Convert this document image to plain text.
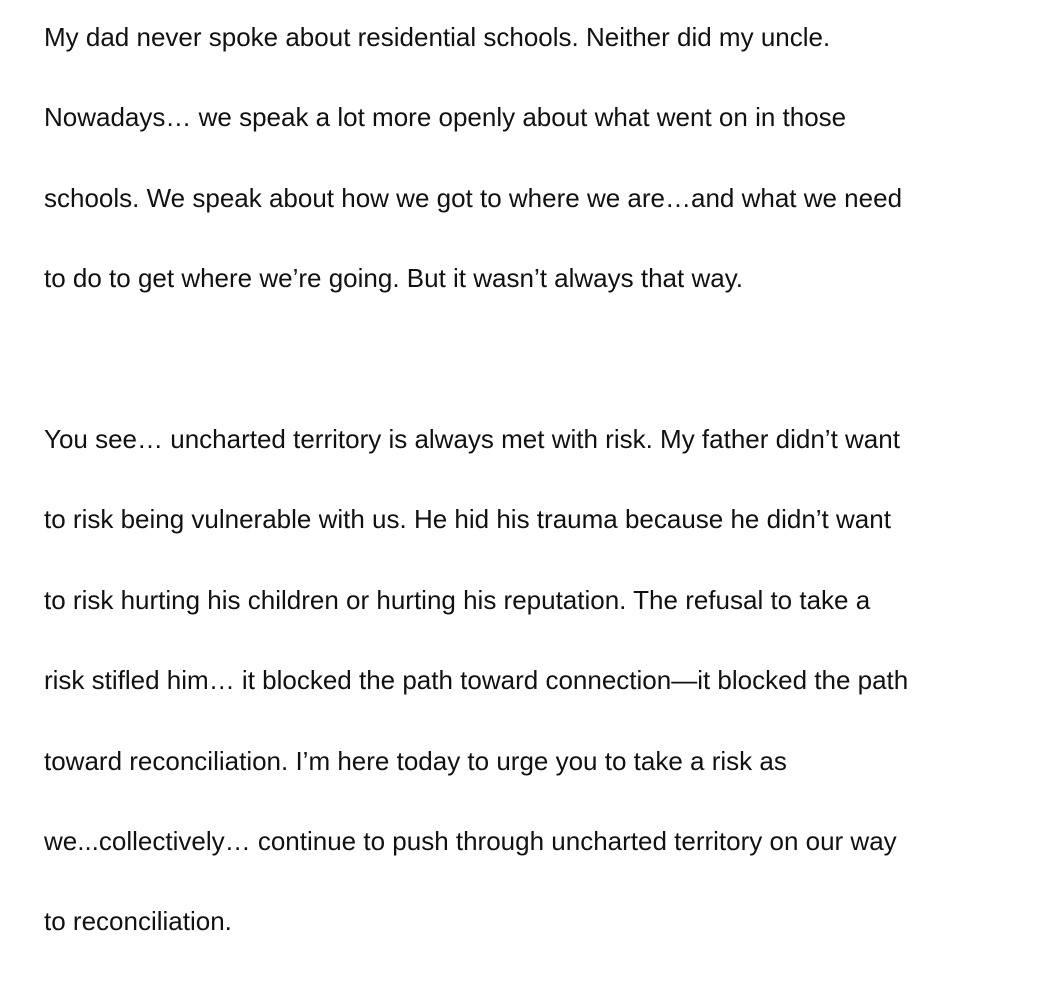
My dad never spoke about residential schools. Neither did my uncle.
Nowadays… we speak a lot more openly about what went on in those
schools. We speak about how we got to where we are…and what we need
to do to get where we’re going. But it wasn’t always that way.
You see… uncharted territory is always met with risk. My father didn’t want
to risk being vulnerable with us. He hid his trauma because he didn’t want
to risk hurting his children or hurting his reputation. The refusal to take a
risk stifled him… it blocked the path toward connection—it blocked the path
toward reconciliation. I’m here today to urge you to take a risk as
we...collectively… continue to push through uncharted territory on our way
to reconciliation.
